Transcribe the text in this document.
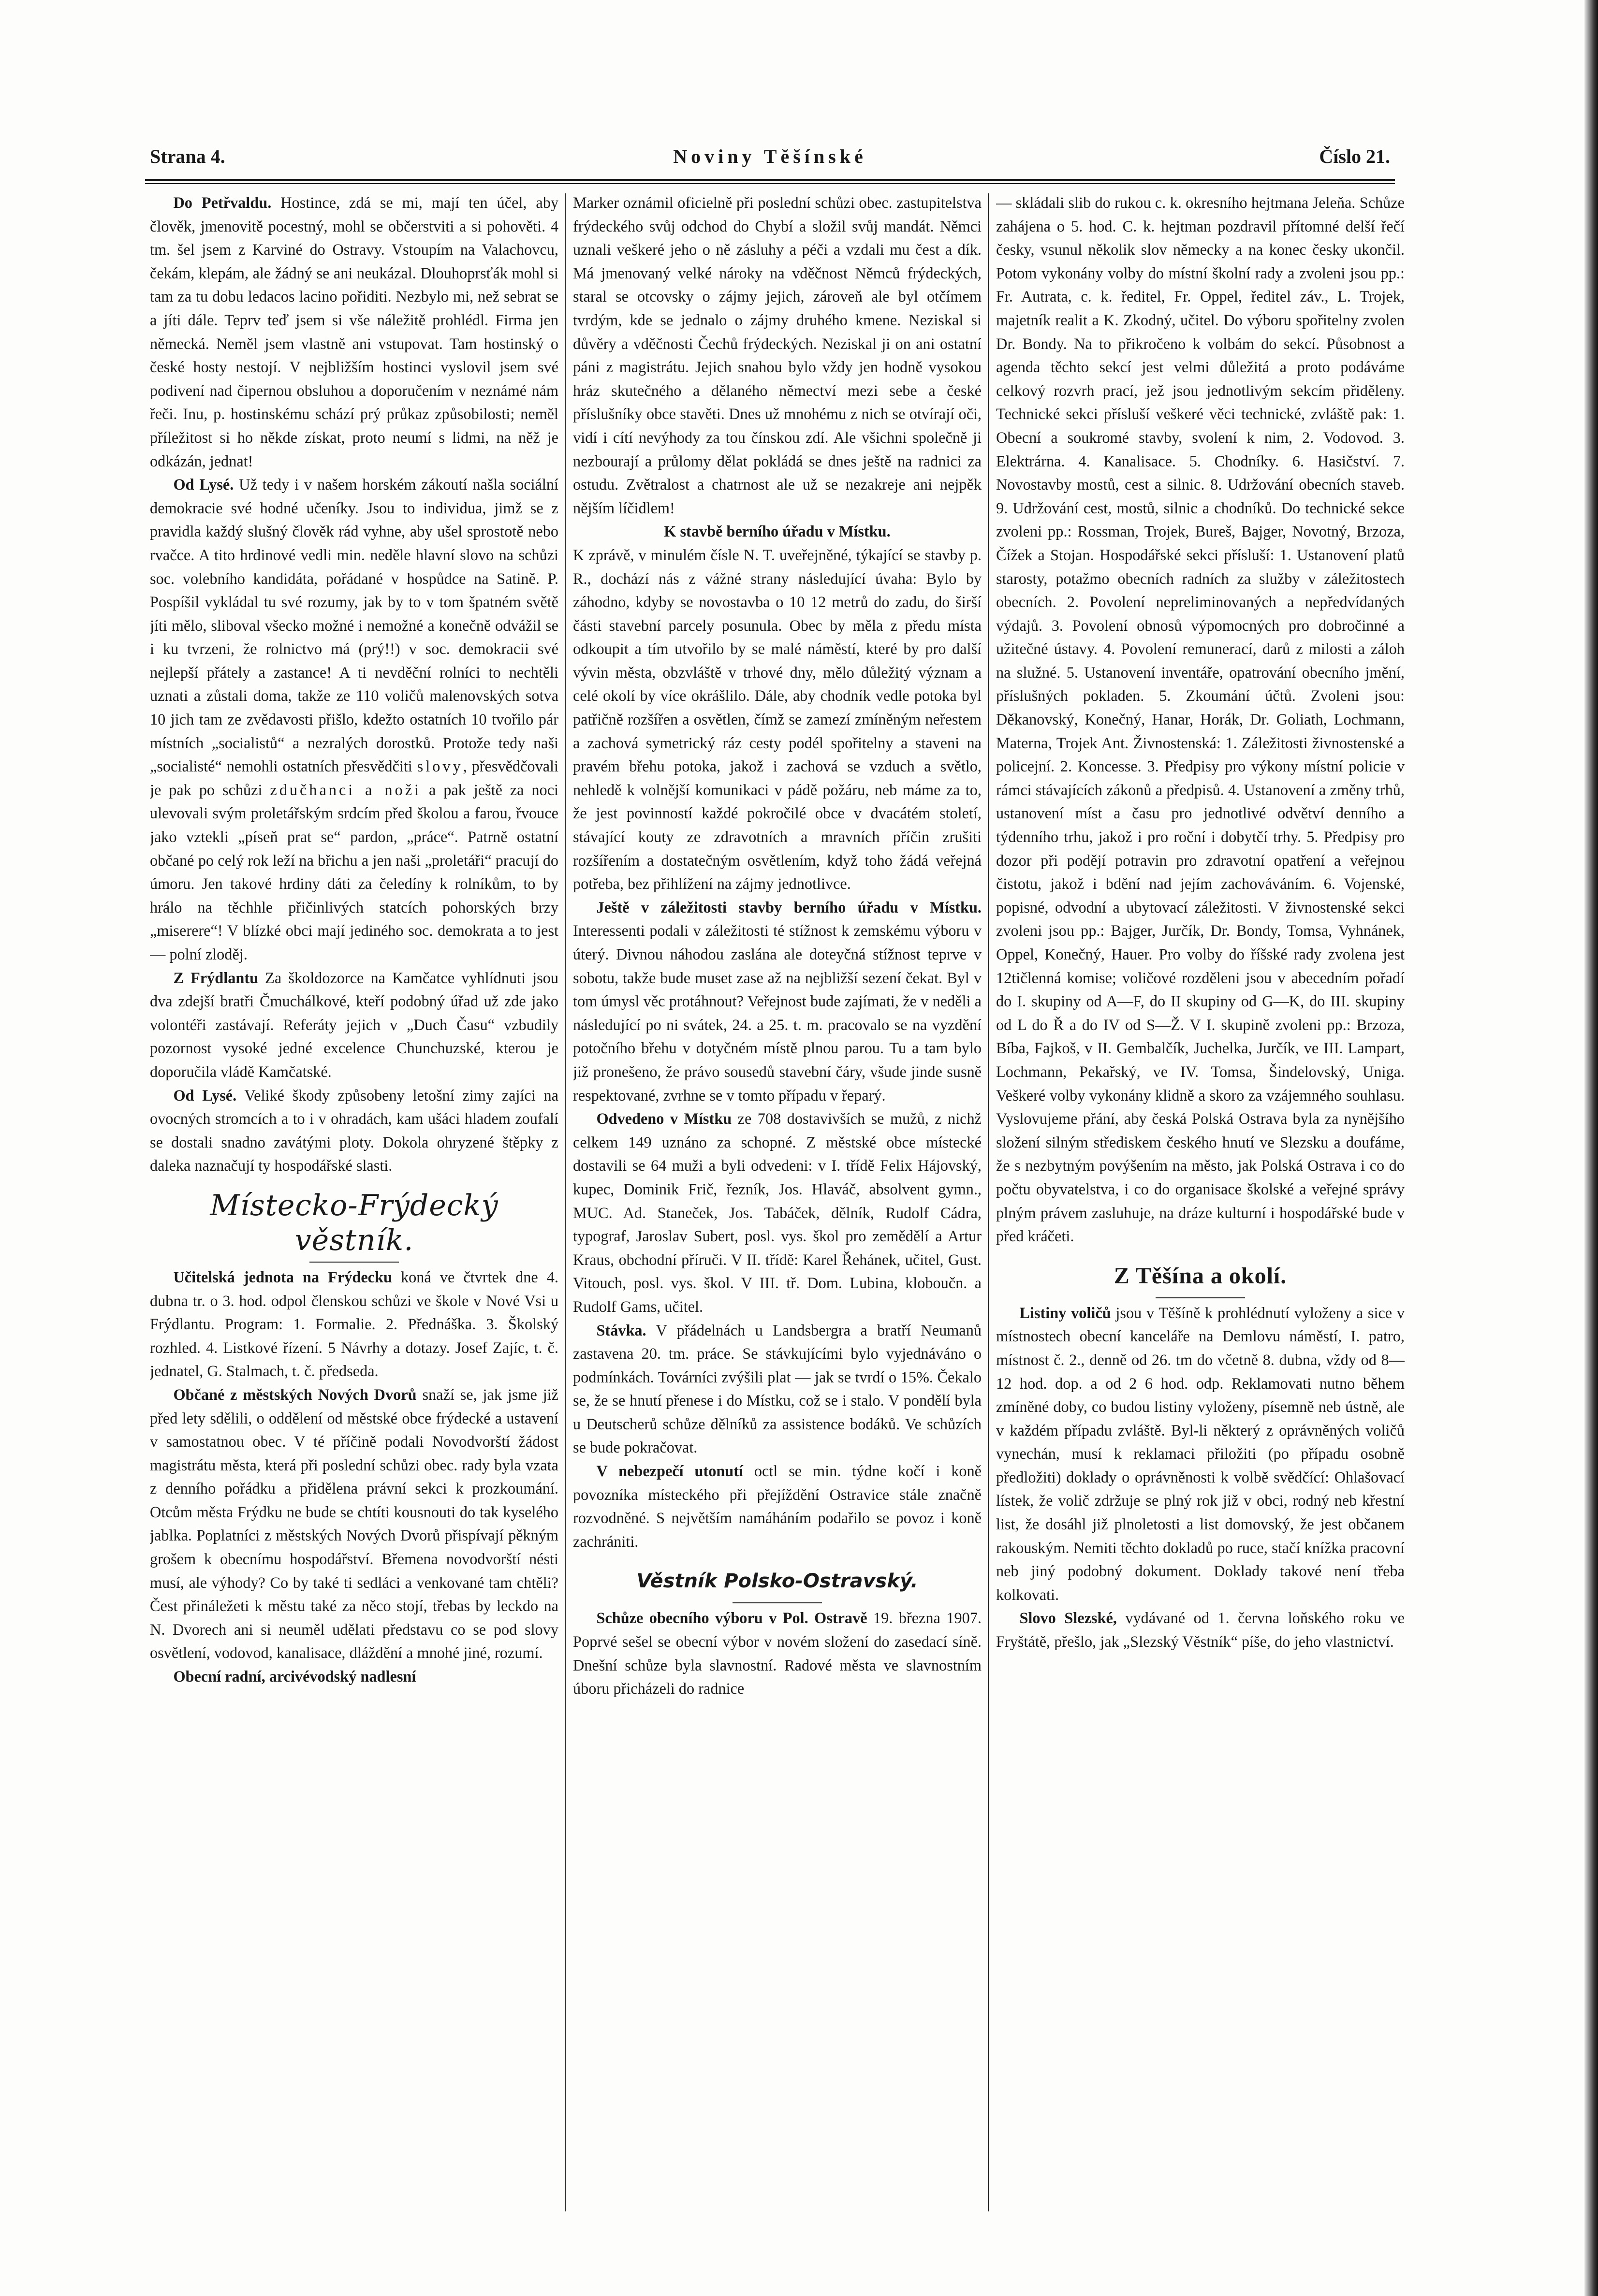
Strana 4.	Noviny Těšínské	Číslo 21.

Do Petřvaldu. Hostince, zdá se mi, mají ten účel, aby člověk, jmenovitě pocestný, mohl se občerstviti a si pohověti. 4 tm. šel jsem z Karviné do Ostravy. Vstoupím na Valachovcu, čekám, klepám, ale žádný se ani neukázal. Dlouhoprsťák mohl si tam za tu dobu ledacos lacino pořiditi. Nezbylo mi, než sebrat se a jíti dále. Teprv teď jsem si vše náležitě prohlédl. Firma jen německá. Neměl jsem vlastně ani vstupovat. Tam hostinský o české hosty nestojí. V nejbližším hostinci vyslovil jsem své podivení nad čipernou obsluhou a doporučením v neznámé nám řeči. Inu, p. hostinskému schází prý průkaz způsobilosti; neměl příležitost si ho někde získat, proto neumí s lidmi, na něž je odkázán, jednat!

Od Lysé. Už tedy i v našem horském zákoutí našla sociální demokracie své hodné učeníky. Jsou to individua, jimž se z pravidla každý slušný člověk rád vyhne, aby ušel sprostotě nebo rvačce. A tito hrdinové vedli min. neděle hlavní slovo na schůzi soc. volebního kandidáta, pořádané v hospůdce na Satině. P. Pospíšil vykládal tu své rozumy, jak by to v tom špatném světě jíti mělo, sliboval všecko možné i nemožné a konečně odvážil se i ku tvrzeni, že rolnictvo má (prý!!) v soc. demokracii své nejlepší přátely a zastance! A ti nevděční rolníci to nechtěli uznati a zůstali doma, takže ze 110 voličů malenovských sotva 10 jich tam ze zvědavosti přišlo, kdežto ostatních 10 tvořilo pár místních „socialistů“ a nezralých dorostků. Protože tedy naši „socialisté“ nemohli ostatních přesvědčiti slovy, přesvědčovali je pak po schůzi zdučhanci a noži a pak ještě za noci ulevovali svým proletářským srdcím před školou a farou, řvouce jako vztekli „píseň prat se“ pardon, „práce“. Patrně ostatní občané po celý rok leží na břichu a jen naši „proletáři“ pracují do úmoru. Jen takové hrdiny dáti za čeledíny k rolníkům, to by hrálo na těchhle přičinlivých statcích pohorských brzy „miserere“! V blízké obci mají jediného soc. demokrata a to jest — polní zloděj.

Z Frýdlantu Za školdozorce na Kamčatce vyhlídnuti jsou dva zdejší bratři Čmuchálkové, kteří podobný úřad už zde jako volontéři zastávají. Referáty jejich v „Duch Času“ vzbudily pozornost vysoké jedné excelence Chunchuzské, kterou je doporučila vládě Kamčatské.

Od Lysé. Veliké škody způsobeny letošní zimy zajíci na ovocných stromcích a to i v ohradách, kam ušáci hladem zoufalí se dostali snadno zavátými ploty. Dokola ohryzené štěpky z daleka naznačují ty hospodářské slasti.

Místecko-Frýdecký věstník.

Učitelská jednota na Frýdecku koná ve čtvrtek dne 4. dubna tr. o 3. hod. odpol členskou schůzi ve škole v Nové Vsi u Frýdlantu. Program: 1. Formalie. 2. Přednáška. 3. Školský rozhled. 4. Listkové řízení. 5 Návrhy a dotazy. Josef Zajíc, t. č. jednatel, G. Stalmach, t. č. předseda.

Občané z městských Nových Dvorů snaží se, jak jsme již před lety sdělili, o oddělení od městské obce frýdecké a ustavení v samostatnou obec. V té příčině podali Novodvorští žádost magistrátu města, která při poslední schůzi obec. rady byla vzata z denního pořádku a přidělena právní sekci k prozkoumání. Otcům města Frýdku ne bude se chtíti kousnouti do tak kyselého jablka. Poplatníci z městských Nových Dvorů přispívají pěkným grošem k obecnímu hospodářství. Břemena novodvorští nésti musí, ale výhody? Co by také ti sedláci a venkované tam chtěli? Čest přináležeti k městu také za něco stojí, třebas by leckdo na N. Dvorech ani si neuměl udělati představu co se pod slovy osvětlení, vodovod, kanalisace, dláždění a mnohé jiné, rozumí.

Obecní radní, arcivévodský nadlesní

Marker oznámil oficielně při poslední schůzi obec. zastupitelstva frýdeckého svůj odchod do Chybí a složil svůj mandát. Němci uznali veškeré jeho o ně zásluhy a péči a vzdali mu čest a dík. Má jmenovaný velké nároky na vděčnost Němců frýdeckých, staral se otcovsky o zájmy jejich, zároveň ale byl otčímem tvrdým, kde se jednalo o zájmy druhého kmene. Neziskal si důvěry a vděčnosti Čechů frýdeckých. Neziskal ji on ani ostatní páni z magistrátu. Jejich snahou bylo vždy jen hodně vysokou hráz skutečného a dělaného němectví mezi sebe a české příslušníky obce stavěti. Dnes už mnohému z nich se otvírají oči, vidí i cítí nevýhody za tou čínskou zdí. Ale všichni společně ji nezbourají a průlomy dělat pokládá se dnes ještě na radnici za ostudu. Zvětralost a chatrnost ale už se nezakreje ani nejpěk nějším líčidlem!

K stavbě berního úřadu v Místku.

K zprávě, v minulém čísle N. T. uveřejněné, týkající se stavby p. R., dochází nás z vážné strany následující úvaha: Bylo by záhodno, kdyby se novostavba o 10 12 metrů do zadu, do širší části stavební parcely posunula. Obec by měla z předu místa odkoupit a tím utvořilo by se malé náměstí, které by pro další vývin města, obzvláště v trhové dny, mělo důležitý význam a celé okolí by více okrášlilo. Dále, aby chodník vedle potoka byl patřičně rozšířen a osvětlen, čímž se zamezí zmíněným neřestem a zachová symetrický ráz cesty podél spořitelny a staveni na pravém břehu potoka, jakož i zachová se vzduch a světlo, nehledě k volnější komunikaci v pádě požáru, neb máme za to, že jest povinností každé pokročilé obce v dvacátém století, stávající kouty ze zdravotních a mravních příčin zrušiti rozšířením a dostatečným osvětlením, když toho žádá veřejná potřeba, bez přihlížení na zájmy jednotlivce.

Ještě v záležitosti stavby berního úřadu v Místku. Interessenti podali v záležitosti té stížnost k zemskému výboru v úterý. Divnou náhodou zaslána ale doteyčná stížnost teprve v sobotu, takže bude muset zase až na nejbližší sezení čekat. Byl v tom úmysl věc protáhnout? Veřejnost bude zajímati, že v neděli a následující po ni svátek, 24. a 25. t. m. pracovalo se na vyzdění potočního břehu v dotyčném místě plnou parou. Tu a tam bylo již pronešeno, že právo sousedů stavební čáry, všude jinde susně respektované, zvrhne se v tomto případu v řeparý.

Odvedeno v Místku ze 708 dostavivších se mužů, z nichž celkem 149 uznáno za schopné. Z městské obce místecké dostavili se 64 muži a byli odvedeni: v I. třídě Felix Hájovský, kupec, Dominik Frič, řezník, Jos. Hlaváč, absolvent gymn., MUC. Ad. Staneček, Jos. Tabáček, dělník, Rudolf Cádra, typograf, Jaroslav Subert, posl. vys. škol pro zemědělí a Artur Kraus, obchodní příruči. V II. třídě: Karel Řehánek, učitel, Gust. Vitouch, posl. vys. škol. V III. tř. Dom. Lubina, kloboučn. a Rudolf Gams, učitel.

Stávka. V přádelnách u Landsbergra a bratří Neumanů zastavena 20. tm. práce. Se stávkujícími bylo vyjednáváno o podmínkách. Továrníci zvýšili plat — jak se tvrdí o 15%. Čekalo se, že se hnutí přenese i do Místku, což se i stalo. V pondělí byla u Deutscherů schůze dělníků za assistence bodáků. Ve schůzích se bude pokračovat.

V nebezpečí utonutí octl se min. týdne kočí i koně povozníka místeckého při přejíždění Ostravice stále značně rozvodněné. S největším namáháním podařilo se povoz i koně zachrániti.

Věstník Polsko-Ostravský.

Schůze obecního výboru v Pol. Ostravě 19. března 1907. Poprvé sešel se obecní výbor v novém složení do zasedací síně. Dnešní schůze byla slavnostní. Radové města ve slavnostním úboru přicházeli do radnice

— skládali slib do rukou c. k. okresního hejtmana Jeleňa. Schůze zahájena o 5. hod. C. k. hejtman pozdravil přítomné delší řečí česky, vsunul několik slov německy a na konec česky ukončil. Potom vykonány volby do místní školní rady a zvoleni jsou pp.: Fr. Autrata, c. k. ředitel, Fr. Oppel, ředitel záv., L. Trojek, majetník realit a K. Zkodný, učitel. Do výboru spořitelny zvolen Dr. Bondy. Na to přikročeno k volbám do sekcí. Působnost a agenda těchto sekcí jest velmi důležitá a proto podáváme celkový rozvrh prací, jež jsou jednotlivým sekcím přiděleny. Technické sekci přísluší veškeré věci technické, zvláště pak: 1. Obecní a soukromé stavby, svolení k nim, 2. Vodovod. 3. Elektrárna. 4. Kanalisace. 5. Chodníky. 6. Hasičství. 7. Novostavby mostů, cest a silnic. 8. Udržování obecních staveb. 9. Udržování cest, mostů, silnic a chodníků. Do technické sekce zvoleni pp.: Rossman, Trojek, Bureš, Bajger, Novotný, Brzoza, Čížek a Stojan. Hospodářské sekci přísluší: 1. Ustanovení platů starosty, potažmo obecních radních za služby v záležitostech obecních. 2. Povolení nepreliminovaných a nepředvídaných výdajů. 3. Povolení obnosů výpomocných pro dobročinné a užitečné ústavy. 4. Povolení remunerací, darů z milosti a záloh na služné. 5. Ustanovení inventáře, opatrování obecního jmění, příslušných pokladen. 5. Zkoumání účtů. Zvoleni jsou: Děkanovský, Konečný, Hanar, Horák, Dr. Goliath, Lochmann, Materna, Trojek Ant. Živnostenská: 1. Záležitosti živnostenské a policejní. 2. Koncesse. 3. Předpisy pro výkony místní policie v rámci stávajících zákonů a předpisů. 4. Ustanovení a změny trhů, ustanovení míst a času pro jednotlivé odvětví denního a týdenního trhu, jakož i pro roční i dobytčí trhy. 5. Předpisy pro dozor při podějí potravin pro zdravotní opatření a veřejnou čistotu, jakož i bdění nad jejím zachováváním. 6. Vojenské, popisné, odvodní a ubytovací záležitosti. V živnostenské sekci zvoleni jsou pp.: Bajger, Jurčík, Dr. Bondy, Tomsa, Vyhnánek, Oppel, Konečný, Hauer. Pro volby do říšské rady zvolena jest 12tičlenná komise; voličové rozděleni jsou v abecedním pořadí do I. skupiny od A—F, do II skupiny od G—K, do III. skupiny od L do Ř a do IV od S—Ž. V I. skupině zvoleni pp.: Brzoza, Bíba, Fajkoš, v II. Gembalčík, Juchelka, Jurčík, ve III. Lampart, Lochmann, Pekařský, ve IV. Tomsa, Šindelovský, Uniga. Veškeré volby vykonány klidně a skoro za vzájemného souhlasu. Vyslovujeme přání, aby česká Polská Ostrava byla za nynějšího složení silným střediskem českého hnutí ve Slezsku a doufáme, že s nezbytným povýšením na město, jak Polská Ostrava i co do počtu obyvatelstva, i co do organisace školské a veřejné správy plným právem zasluhuje, na dráze kulturní i hospodářské bude v před kráčeti.

Z Těšína a okolí.

Listiny voličů jsou v Těšíně k prohlédnutí vyloženy a sice v místnostech obecní kanceláře na Demlovu náměstí, I. patro, místnost č. 2., denně od 26. tm do včetně 8. dubna, vždy od 8—12 hod. dop. a od 2 6 hod. odp. Reklamovati nutno během zmíněné doby, co budou listiny vyloženy, písemně neb ústně, ale v každém případu zvláště. Byl-li některý z oprávněných voličů vynechán, musí k reklamaci přiložiti (po případu osobně předložiti) doklady o oprávněnosti k volbě svědčící: Ohlašovací lístek, že volič zdržuje se plný rok již v obci, rodný neb křestní list, že dosáhl již plnoletosti a list domovský, že jest občanem rakouským. Nemiti těchto dokladů po ruce, stačí knížka pracovní neb jiný podobný dokument. Doklady takové není třeba kolkovati.

Slovo Slezské, vydávané od 1. června loňského roku ve Fryštátě, přešlo, jak „Slezský Věstník“ píše, do jeho vlastnictví.
